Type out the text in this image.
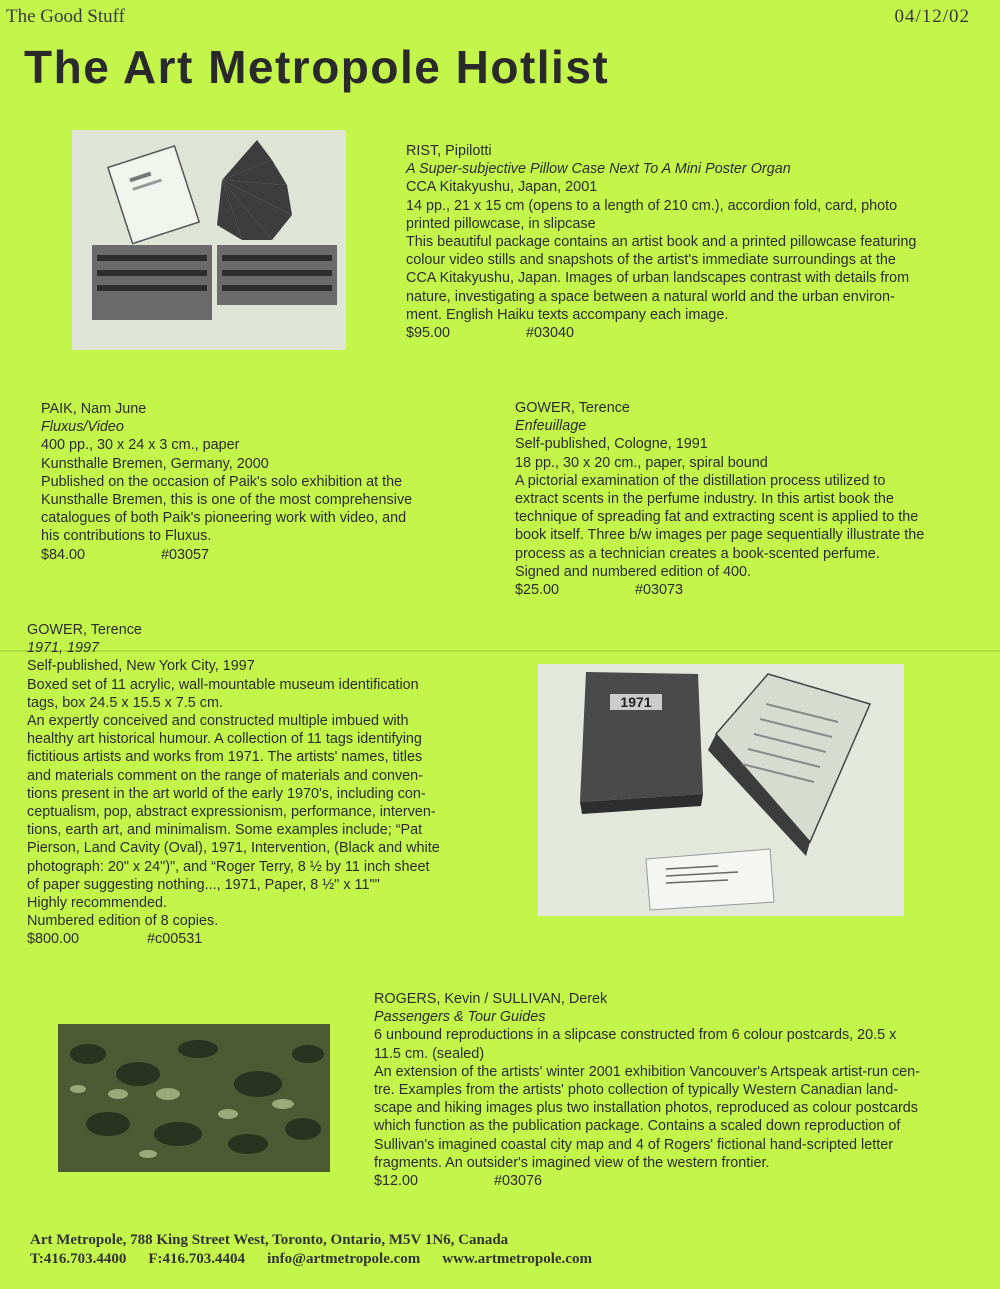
The Good Stuff	04/12/02
The Art Metropole Hotlist
1971
RIST, Pipilotti
A Super-subjective Pillow Case Next To A Mini Poster Organ
CCA Kitakyushu, Japan, 2001
14 pp., 21 x 15 cm (opens to a length of 210 cm.), accordion fold, card, photo
printed pillowcase, in slipcase
This beautiful package contains an artist book and a printed pillowcase featuring
colour video stills and snapshots of the artist's immediate surroundings at the
CCA Kitakyushu, Japan. Images of urban landscapes contrast with details from
nature, investigating a space between a natural world and the urban environ-
ment. English Haiku texts accompany each image.
$95.00	#03040
PAIK, Nam June
Fluxus/Video
400 pp., 30 x 24 x 3 cm., paper
Kunsthalle Bremen, Germany, 2000
Published on the occasion of Paik's solo exhibition at the
Kunsthalle Bremen, this is one of the most comprehensive
catalogues of both Paik's pioneering work with video, and
his contributions to Fluxus.
$84.00	#03057
GOWER, Terence
Enfeuillage
Self-published, Cologne, 1991
18 pp., 30 x 20 cm., paper, spiral bound
A pictorial examination of the distillation process utilized to
extract scents in the perfume industry. In this artist book the
technique of spreading fat and extracting scent is applied to the
book itself. Three b/w images per page sequentially illustrate the
process as a technician creates a book-scented perfume.
Signed and numbered edition of 400.
$25.00	#03073
GOWER, Terence
1971, 1997
Self-published, New York City, 1997
Boxed set of 11 acrylic, wall-mountable museum identification
tags, box 24.5 x 15.5 x 7.5 cm.
An expertly conceived and constructed multiple imbued with
healthy art historical humour. A collection of 11 tags identifying
fictitious artists and works from 1971. The artists' names, titles
and materials comment on the range of materials and conven-
tions present in the art world of the early 1970's, including con-
ceptualism, pop, abstract expressionism, performance, interven-
tions, earth art, and minimalism. Some examples include; “Pat
Pierson, Land Cavity (Oval), 1971, Intervention, (Black and white
photograph: 20" x 24")", and “Roger Terry, 8 ½ by 11 inch sheet
of paper suggesting nothing..., 1971, Paper, 8 ½" x 11""
Highly recommended.
Numbered edition of 8 copies.
$800.00	#c00531
ROGERS, Kevin / SULLIVAN, Derek
Passengers & Tour Guides
6 unbound reproductions in a slipcase constructed from 6 colour postcards, 20.5 x
11.5 cm. (sealed)
An extension of the artists' winter 2001 exhibition Vancouver's Artspeak artist-run cen-
tre. Examples from the artists' photo collection of typically Western Canadian land-
scape and hiking images plus two installation photos, reproduced as colour postcards
which function as the publication package. Contains a scaled down reproduction of
Sullivan's imagined coastal city map and 4 of Rogers' fictional hand-scripted letter
fragments. An outsider's imagined view of the western frontier.
$12.00	#03076
Art Metropole, 788 King Street West, Toronto, Ontario, M5V 1N6, Canada
T:416.703.4400 F:416.703.4404 info@artmetropole.com www.artmetropole.com
